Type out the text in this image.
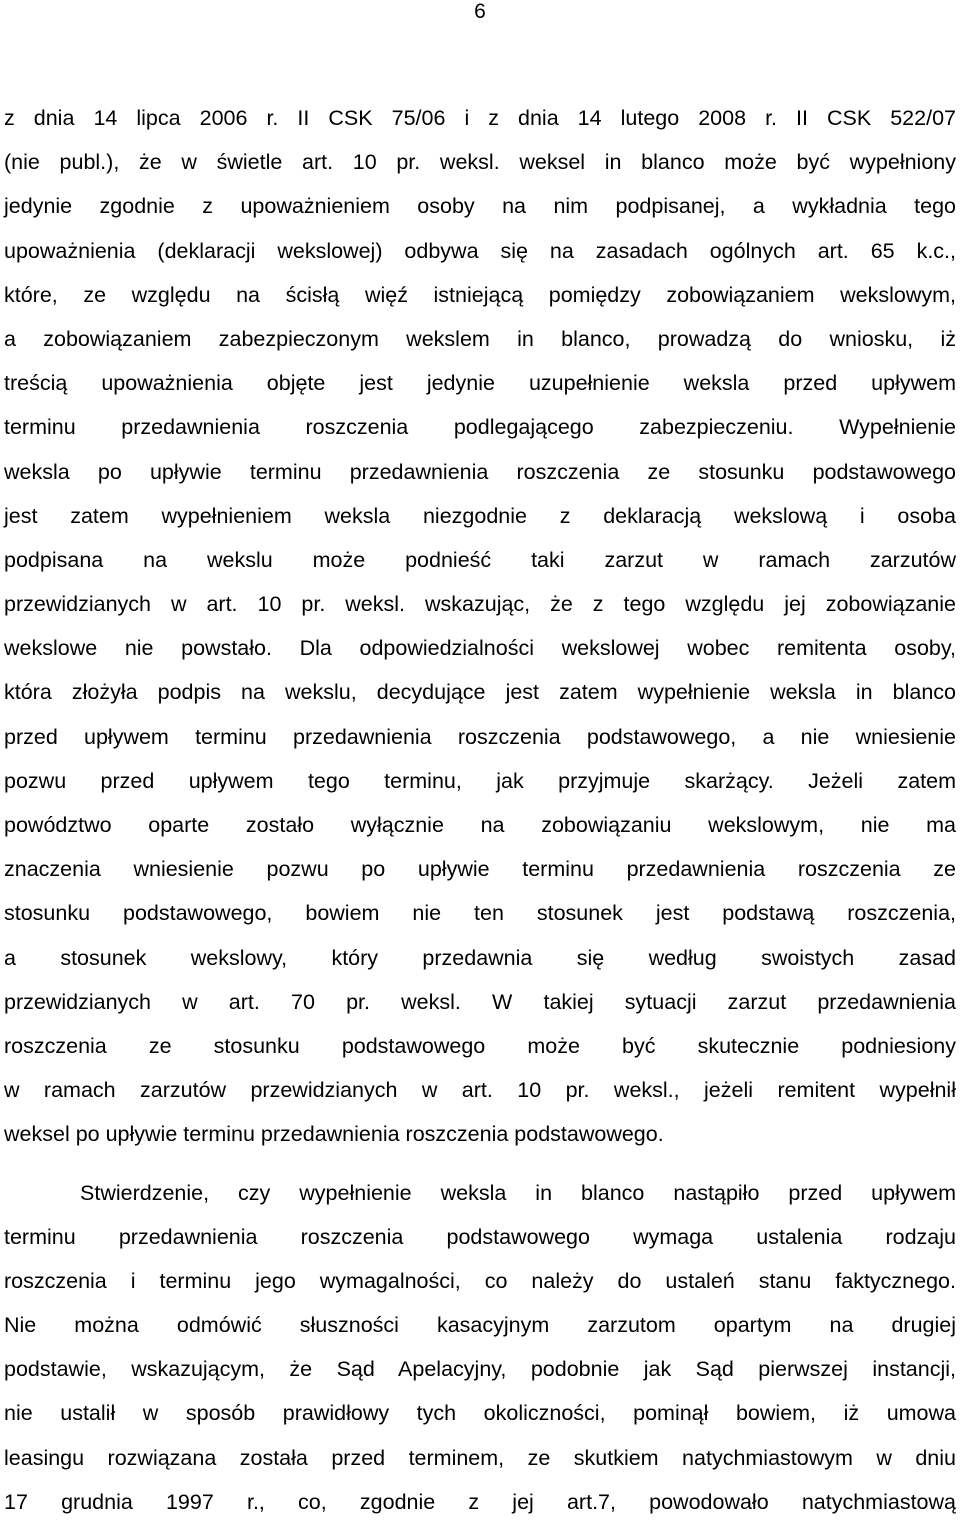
6
z dnia 14 lipca 2006 r. II CSK 75/06 i z dnia 14 lutego 2008 r. II CSK 522/07
(nie publ.), że w świetle art. 10 pr. weksl. weksel in blanco może być wypełniony
jedynie zgodnie z upoważnieniem osoby na nim podpisanej, a wykładnia tego
upoważnienia (deklaracji wekslowej) odbywa się na zasadach ogólnych art. 65 k.c.,
które, ze względu na ścisłą więź istniejącą pomiędzy zobowiązaniem wekslowym,
a zobowiązaniem zabezpieczonym wekslem in blanco, prowadzą do wniosku, iż
treścią upoważnienia objęte jest jedynie uzupełnienie weksla przed upływem
terminu przedawnienia roszczenia podlegającego zabezpieczeniu. Wypełnienie
weksla po upływie terminu przedawnienia roszczenia ze stosunku podstawowego
jest zatem wypełnieniem weksla niezgodnie z deklaracją wekslową i osoba
podpisana na wekslu może podnieść taki zarzut w ramach zarzutów
przewidzianych w art. 10 pr. weksl. wskazując, że z tego względu jej zobowiązanie
wekslowe nie powstało. Dla odpowiedzialności wekslowej wobec remitenta osoby,
która złożyła podpis na wekslu, decydujące jest zatem wypełnienie weksla in blanco
przed upływem terminu przedawnienia roszczenia podstawowego, a nie wniesienie
pozwu przed upływem tego terminu, jak przyjmuje skarżący. Jeżeli zatem
powództwo oparte zostało wyłącznie na zobowiązaniu wekslowym, nie ma
znaczenia wniesienie pozwu po upływie terminu przedawnienia roszczenia ze
stosunku podstawowego, bowiem nie ten stosunek jest podstawą roszczenia,
a stosunek wekslowy, który przedawnia się według swoistych zasad
przewidzianych w art. 70 pr. weksl. W takiej sytuacji zarzut przedawnienia
roszczenia ze stosunku podstawowego może być skutecznie podniesiony
w ramach zarzutów przewidzianych w art. 10 pr. weksl., jeżeli remitent wypełnił
weksel po upływie terminu przedawnienia roszczenia podstawowego.
Stwierdzenie, czy wypełnienie weksla in blanco nastąpiło przed upływem
terminu przedawnienia roszczenia podstawowego wymaga ustalenia rodzaju
roszczenia i terminu jego wymagalności, co należy do ustaleń stanu faktycznego.
Nie można odmówić słuszności kasacyjnym zarzutom opartym na drugiej
podstawie, wskazującym, że Sąd Apelacyjny, podobnie jak Sąd pierwszej instancji,
nie ustalił w sposób prawidłowy tych okoliczności, pominął bowiem, iż umowa
leasingu rozwiązana została przed terminem, ze skutkiem natychmiastowym w dniu
17 grudnia 1997 r., co, zgodnie z jej art.7, powodowało natychmiastową
